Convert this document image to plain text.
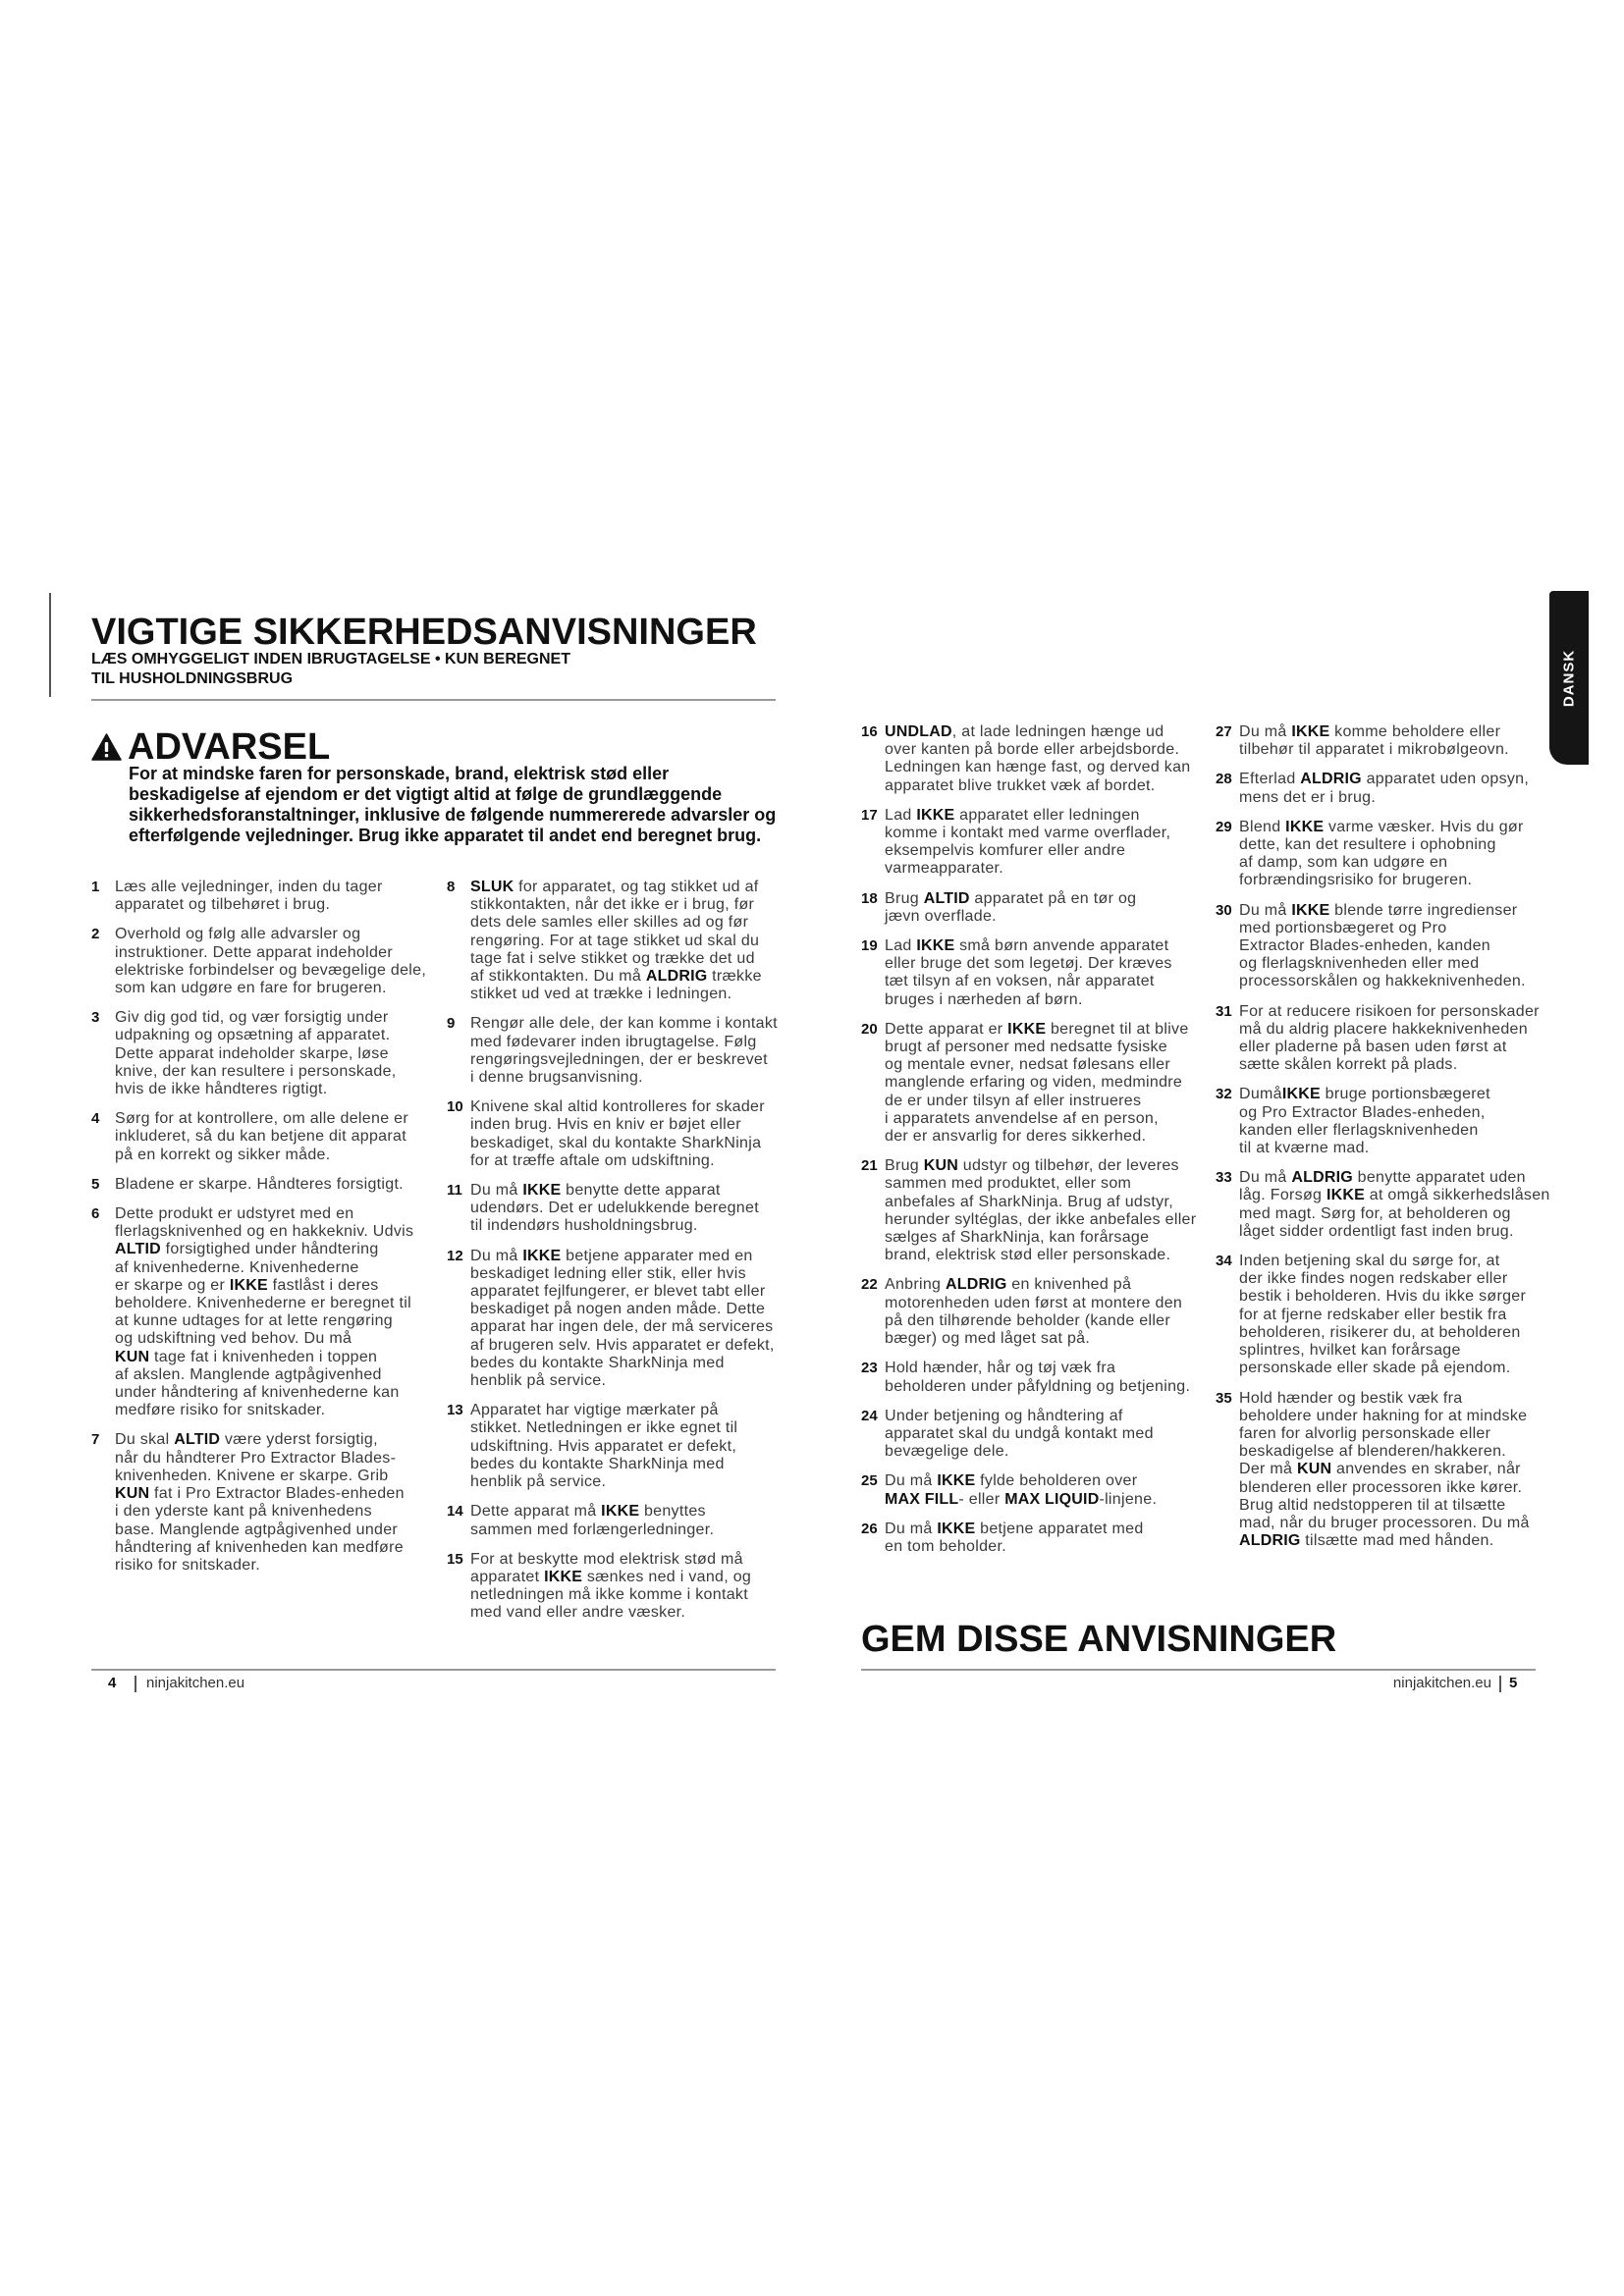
VIGTIGE SIKKERHEDSANVISNINGER
LÆS OMHYGGELIGT INDEN IBRUGTAGELSE • KUN BEREGNET
TIL HUSHOLDNINGSBRUG
ADVARSEL
For at mindske faren for personskade, brand, elektrisk stød eller
beskadigelse af ejendom er det vigtigt altid at følge de grundlæggende
sikkerhedsforanstaltninger, inklusive de følgende nummererede advarsler og
efterfølgende vejledninger. Brug ikke apparatet til andet end beregnet brug.
1 Læs alle vejledninger, inden du tager
apparatet og tilbehøret i brug.
2 Overhold og følg alle advarsler og
instruktioner. Dette apparat indeholder
elektriske forbindelser og bevægelige dele,
som kan udgøre en fare for brugeren.
3 Giv dig god tid, og vær forsigtig under
udpakning og opsætning af apparatet.
Dette apparat indeholder skarpe, løse
knive, der kan resultere i personskade,
hvis de ikke håndteres rigtigt.
4 Sørg for at kontrollere, om alle delene er
inkluderet, så du kan betjene dit apparat
på en korrekt og sikker måde.
5 Bladene er skarpe. Håndteres forsigtigt.
6 Dette produkt er udstyret med en
flerlagsknivenhed og en hakkekniv. Udvis
ALTID forsigtighed under håndtering
af knivenhederne. Knivenhederne
er skarpe og er IKKE fastlåst i deres
beholdere. Knivenhederne er beregnet til
at kunne udtages for at lette rengøring
og udskiftning ved behov. Du må
KUN tage fat i knivenheden i toppen
af akslen. Manglende agtpågivenhed
under håndtering af knivenhederne kan
medføre risiko for snitskader.
7 Du skal ALTID være yderst forsigtig,
når du håndterer Pro Extractor Blades-
knivenheden. Knivene er skarpe. Grib
KUN fat i Pro Extractor Blades-enheden
i den yderste kant på knivenhedens
base. Manglende agtpågivenhed under
håndtering af knivenheden kan medføre
risiko for snitskader.
8 SLUK for apparatet, og tag stikket ud af
stikkontakten, når det ikke er i brug, før
dets dele samles eller skilles ad og før
rengøring. For at tage stikket ud skal du
tage fat i selve stikket og trække det ud
af stikkontakten. Du må ALDRIG trække
stikket ud ved at trække i ledningen.
9 Rengør alle dele, der kan komme i kontakt
med fødevarer inden ibrugtagelse. Følg
rengøringsvejledningen, der er beskrevet
i denne brugsanvisning.
10 Knivene skal altid kontrolleres for skader
inden brug. Hvis en kniv er bøjet eller
beskadiget, skal du kontakte SharkNinja
for at træffe aftale om udskiftning.
11 Du må IKKE benytte dette apparat
udendørs. Det er udelukkende beregnet
til indendørs husholdningsbrug.
12 Du må IKKE betjene apparater med en
beskadiget ledning eller stik, eller hvis
apparatet fejlfungerer, er blevet tabt eller
beskadiget på nogen anden måde. Dette
apparat har ingen dele, der må serviceres
af brugeren selv. Hvis apparatet er defekt,
bedes du kontakte SharkNinja med
henblik på service.
13 Apparatet har vigtige mærkater på
stikket. Netledningen er ikke egnet til
udskiftning. Hvis apparatet er defekt,
bedes du kontakte SharkNinja med
henblik på service.
14 Dette apparat må IKKE benyttes
sammen med forlængerledninger.
15 For at beskytte mod elektrisk stød må
apparatet IKKE sænkes ned i vand, og
netledningen må ikke komme i kontakt
med vand eller andre væsker.
4 ninjakitchen.eu
DANSK
16 UNDLAD, at lade ledningen hænge ud
over kanten på borde eller arbejdsborde.
Ledningen kan hænge fast, og derved kan
apparatet blive trukket væk af bordet.
17 Lad IKKE apparatet eller ledningen
komme i kontakt med varme overflader,
eksempelvis komfurer eller andre
varmeapparater.
18 Brug ALTID apparatet på en tør og
jævn overflade.
19 Lad IKKE små børn anvende apparatet
eller bruge det som legetøj. Der kræves
tæt tilsyn af en voksen, når apparatet
bruges i nærheden af børn.
20 Dette apparat er IKKE beregnet til at blive
brugt af personer med nedsatte fysiske
og mentale evner, nedsat følesans eller
manglende erfaring og viden, medmindre
de er under tilsyn af eller instrueres
i apparatets anvendelse af en person,
der er ansvarlig for deres sikkerhed.
21 Brug KUN udstyr og tilbehør, der leveres
sammen med produktet, eller som
anbefales af SharkNinja. Brug af udstyr,
herunder syltéglas, der ikke anbefales eller
sælges af SharkNinja, kan forårsage
brand, elektrisk stød eller personskade.
22 Anbring ALDRIG en knivenhed på
motorenheden uden først at montere den
på den tilhørende beholder (kande eller
bæger) og med låget sat på.
23 Hold hænder, hår og tøj væk fra
beholderen under påfyldning og betjening.
24 Under betjening og håndtering af
apparatet skal du undgå kontakt med
bevægelige dele.
25 Du må IKKE fylde beholderen over
MAX FILL- eller MAX LIQUID-linjene.
26 Du må IKKE betjene apparatet med
en tom beholder.
27 Du må IKKE komme beholdere eller
tilbehør til apparatet i mikrobølgeovn.
28 Efterlad ALDRIG apparatet uden opsyn,
mens det er i brug.
29 Blend IKKE varme væsker. Hvis du gør
dette, kan det resultere i ophobning
af damp, som kan udgøre en
forbrændingsrisiko for brugeren.
30 Du må IKKE blende tørre ingredienser
med portionsbægeret og Pro
Extractor Blades-enheden, kanden
og flerlagsknivenheden eller med
processorskålen og hakkeknivenheden.
31 For at reducere risikoen for personskader
må du aldrig placere hakkeknivenheden
eller pladerne på basen uden først at
sætte skålen korrekt på plads.
32 DumåIKKE bruge portionsbægeret
og Pro Extractor Blades-enheden,
kanden eller flerlagsknivenheden
til at kværne mad.
33 Du må ALDRIG benytte apparatet uden
låg. Forsøg IKKE at omgå sikkerhedslåsen
med magt. Sørg for, at beholderen og
låget sidder ordentligt fast inden brug.
34 Inden betjening skal du sørge for, at
der ikke findes nogen redskaber eller
bestik i beholderen. Hvis du ikke sørger
for at fjerne redskaber eller bestik fra
beholderen, risikerer du, at beholderen
splintres, hvilket kan forårsage
personskade eller skade på ejendom.
35 Hold hænder og bestik væk fra
beholdere under hakning for at mindske
faren for alvorlig personskade eller
beskadigelse af blenderen/hakkeren.
Der må KUN anvendes en skraber, når
blenderen eller processoren ikke kører.
Brug altid nedstopperen til at tilsætte
mad, når du bruger processoren. Du må
ALDRIG tilsætte mad med hånden.
GEM DISSE ANVISNINGER
ninjakitchen.eu 5
